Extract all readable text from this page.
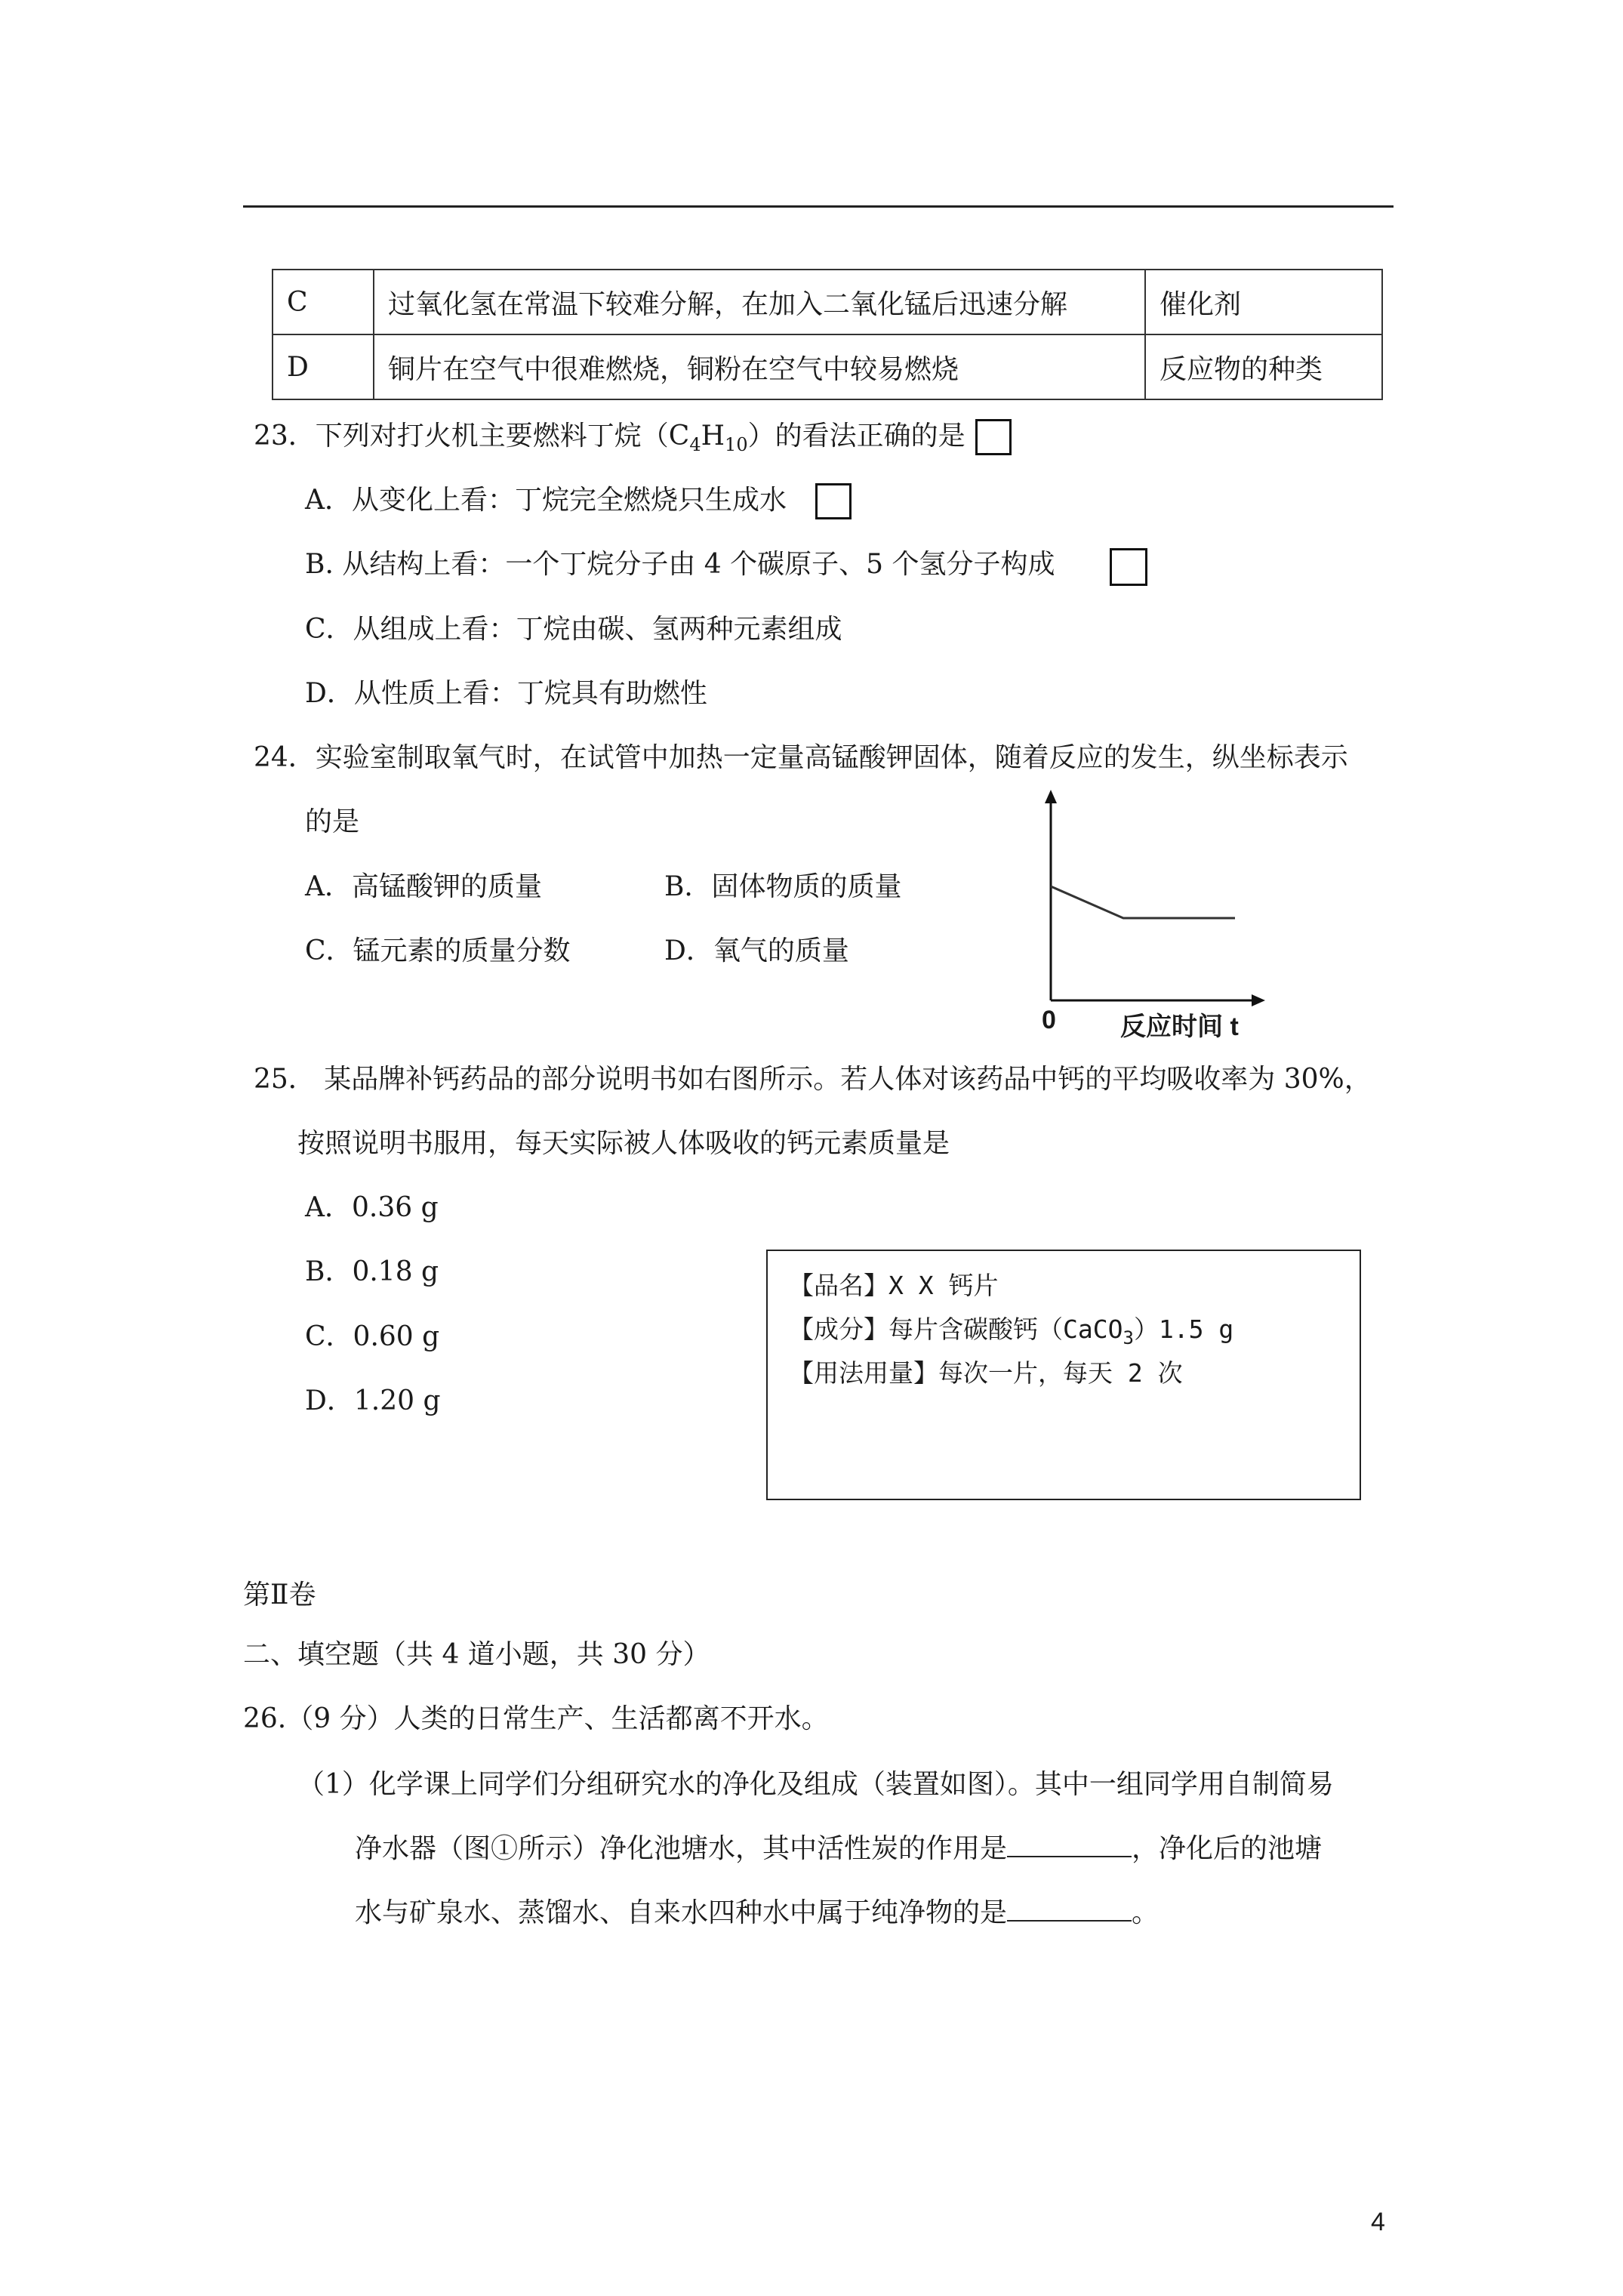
C	过氧化氢在常温下较难分解，在加入二氧化锰后迅速分解	催化剂
D	铜片在空气中很难燃烧，铜粉在空气中较易燃烧	反应物的种类
23．下列对打火机主要燃料丁烷$(C_4H_{10})$的看法正确的是
A．从变化上看：丁烷完全燃烧只生成水
B. 从结构上看：一个丁烷分子由 4 个碳原子、5 个氢分子构成
C．从组成上看：丁烷由碳、氢两种元素组成
D．从性质上看：丁烷具有助燃性
24．实验室制取氧气时，在试管中加热一定量高锰酸钾固体，随着反应的发生，纵坐标表示
的是
A．高锰酸钾的质量	B．固体物质的质量
C．锰元素的质量分数	D．氧气的质量
0	反应时间 t
25． 某品牌补钙药品的部分说明书如右图所示。若人体对该药品中钙的平均吸收率为 30%，
按照说明书服用，每天实际被人体吸收的钙元素质量是
A．0.36 g
B．0.18 g
C．0.60 g
D．1.20 g
【品名】X X 钙片
【成分】每片含碳酸钙（CaCO$_3$）1.5 g
【用法用量】每次一片，每天 2 次
第Ⅱ卷
二、填空题（共 4 道小题，共 30 分）
26.（9 分）人类的日常生产、生活都离不开水。
（1）化学课上同学们分组研究水的净化及组成（装置如图）。其中一组同学用自制简易
净水器（图①所示）净化池塘水，其中活性炭的作用是	，净化后的池塘
水与矿泉水、蒸馏水、自来水四种水中属于纯净物的是	。
4
